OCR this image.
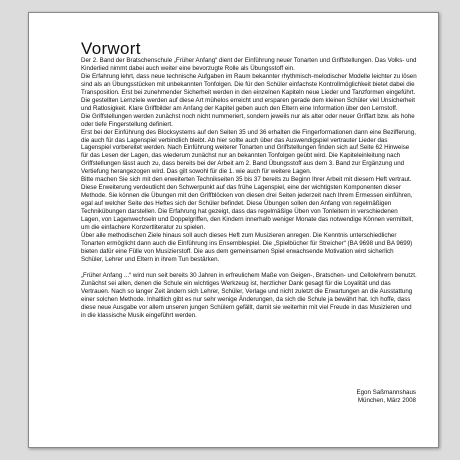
Vorwort

Der 2. Band der Bratschenschule „Früher Anfang“ dient der Einführung neuer Tonarten und Griffstellungen. Das Volks- und Kinderlied nimmt dabei auch weiter eine bevorzugte Rolle als Übungsstoff ein.

Die Erfahrung lehrt, dass neue technische Aufgaben im Raum bekannter rhythmisch-melodischer Modelle leichter zu lösen sind als an Übungsstücken mit unbekannten Tonfolgen. Die für den Schüler einfachste Kontrollmöglichkeit bietet dabei die Transposition. Erst bei zunehmender Sicherheit werden in den einzelnen Kapiteln neue Lieder und Tanzformen eingeführt.

Die gestellten Lernziele werden auf diese Art mühelos erreicht und ersparen gerade dem kleinen Schüler viel Unsicherheit und Ratlosigkeit. Klare Griffbilder am Anfang der Kapitel geben auch den Eltern eine Information über den Lernstoff.

Die Griffstellungen werden zunächst noch nicht nummeriert, sondern jeweils nur als alter oder neuer Griffart bzw. als hohe oder tiefe Fingerstellung definiert.

Erst bei der Einführung des Blocksystems auf den Seiten 35 und 36 erhalten die Fingerformationen dann eine Bezifferung, die auch für das Lagenspiel verbindlich bleibt. Ab hier sollte auch über das Auswendigspiel vertrauter Lieder das Lagenspiel vorbereitet werden. Nach Einführung weiterer Tonarten und Griffstellungen finden sich auf Seite 62 Hinweise für das Lesen der Lagen, das wiederum zunächst nur an bekannten Tonfolgen geübt wird. Die Kapiteleinleitung nach Griffstellungen lässt auch zu, dass bereits bei der Arbeit am 2. Band Übungsstoff aus dem 3. Band zur Ergänzung und Vertiefung herangezogen wird. Das gilt sowohl für die 1. wie auch für weitere Lagen.

Bitte machen Sie sich mit den erweiterten Technikseiten 35 bis 37 bereits zu Beginn Ihrer Arbeit mit diesem Heft vertraut. Diese Erweiterung verdeutlicht den Schwerpunkt auf das frühe Lagenspiel, eine der wichtigsten Komponenten dieser Methode. Sie können die Übungen mit den Griffblöcken von diesen drei Seiten jederzeit nach Ihrem Ermessen einführen, egal auf welcher Seite des Heftes sich der Schüler befindet. Diese Übungen sollen den Anfang von regelmäßigen Technikübungen darstellen. Die Erfahrung hat gezeigt, dass das regelmäßige Üben von Tonleitern in verschiedenen Lagen, von Lagenwechseln und Doppelgriffen, den Kindern innerhalb weniger Monate das notwendige Können vermittelt, um die einfachere Konzertliteratur zu spielen.

Über alle methodischen Ziele hinaus soll auch dieses Heft zum Musizieren anregen. Die Kenntnis unterschiedlicher Tonarten ermöglicht dann auch die Einführung ins Ensemblespiel. Die „Spielbücher für Streicher“ (BA 9698 und BA 9699) bieten dafür eine Fülle von Musizierstoff. Die aus dem gemeinsamen Spiel erwachsende Motivation wird sicherlich Schüler, Lehrer und Eltern in ihrem Tun bestärken.

„Früher Anfang ...“ wird nun seit bereits 30 Jahren in erfreulichem Maße von Geigen-, Bratschen- und Cellolehrern benutzt. Zunächst sei allen, denen die Schule ein wichtiges Werkzeug ist, herzlicher Dank gesagt für die Loyalität und das Vertrauen. Nach so langer Zeit ändern sich Lehrer, Schüler, Verlage und nicht zuletzt die Erwartungen an die Ausstattung einer solchen Methode. Inhaltlich gibt es nur sehr wenige Änderungen, da sich die Schule ja bewährt hat. Ich hoffe, dass diese neue Ausgabe vor allem unseren jungen Schülern gefällt, damit sie weiterhin mit viel Freude in das Musizieren und in die klassische Musik eingeführt werden.

Egon Saßmannshaus
München, März 2008
